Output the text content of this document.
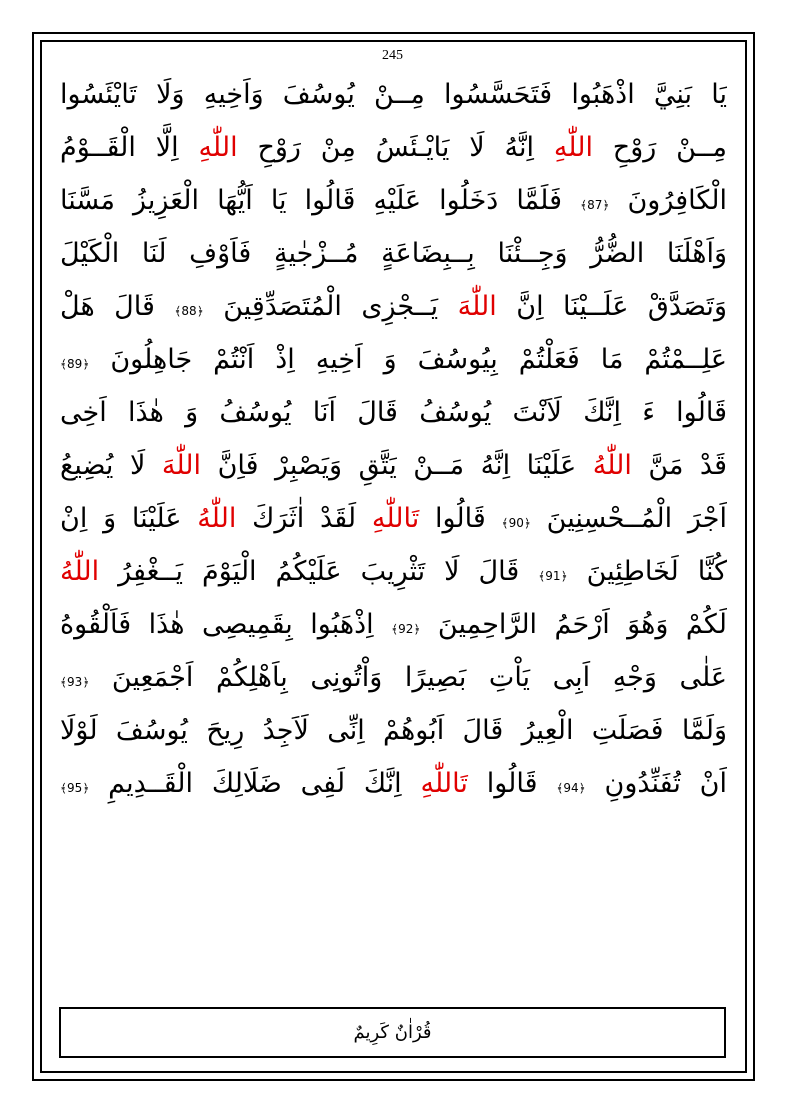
245
يَا بَنِيَّ اذْهَبُوا فَتَحَسَّسُوا مِــنْ يُوسُفَ وَاَخِيهِ وَلَا تَايْئَسُوا
مِــنْ رَوْحِ اللّٰهِ اِنَّهُ لَا يَايْـئَسُ مِنْ رَوْحِ اللّٰهِ اِلَّا الْقَــوْمُ
الْكَافِرُونَ ﴿87﴾ فَلَمَّا دَخَلُوا عَلَيْهِ قَالُوا يَا اَيُّهَا الْعَزِيزُ مَسَّنَا
وَاَهْلَنَا الضُّرُّ وَجِــئْنَا بِــبِضَاعَةٍ مُــزْجٰيةٍ فَاَوْفِ لَنَا الْكَيْلَ
وَتَصَدَّقْ عَلَــيْنَا اِنَّ اللّٰهَ يَــجْزِى الْمُتَصَدِّقِينَ ﴿88﴾ قَالَ هَلْ
عَلِــمْتُمْ مَا فَعَلْتُمْ بِيُوسُفَ وَ اَخِيهِ اِذْ اَنْتُمْ جَاهِلُونَ ﴿89﴾
قَالُوا ءَ اِنَّكَ لَاَنْتَ يُوسُفُ قَالَ اَنَا يُوسُفُ وَ هٰذَا اَخِى
قَدْ مَنَّ اللّٰهُ عَلَيْنَا اِنَّهُ مَــنْ يَتَّقِ وَيَصْبِرْ فَاِنَّ اللّٰهَ لَا يُضِيعُ
اَجْرَ الْمُــحْسِنِينَ ﴿90﴾ قَالُوا تَاللّٰهِ لَقَدْ اٰثَرَكَ اللّٰهُ عَلَيْنَا وَ اِنْ
كُنَّا لَخَاطِئِينَ ﴿91﴾ قَالَ لَا تَثْرِيبَ عَلَيْكُمُ الْيَوْمَ يَــغْفِرُ اللّٰهُ
لَكُمْ وَهُوَ اَرْحَمُ الرَّاحِمِينَ ﴿92﴾ اِذْهَبُوا بِقَمِيصِى هٰذَا فَاَلْقُوهُ
عَلٰى وَجْهِ اَبِى يَاْتِ بَصِيرًا وَاْتُونِى بِاَهْلِكُمْ اَجْمَعِينَ ﴿93﴾
وَلَمَّا فَصَلَتِ الْعِيرُ قَالَ اَبُوهُمْ اِنِّى لَاَجِدُ رِيحَ يُوسُفَ لَوْلَا
اَنْ تُفَنِّدُونِ ﴿94﴾ قَالُوا تَاللّٰهِ اِنَّكَ لَفِى ضَلَالِكَ الْقَــدِيمِ ﴿95﴾
قُرْاٰنٌ كَرِيمٌ
